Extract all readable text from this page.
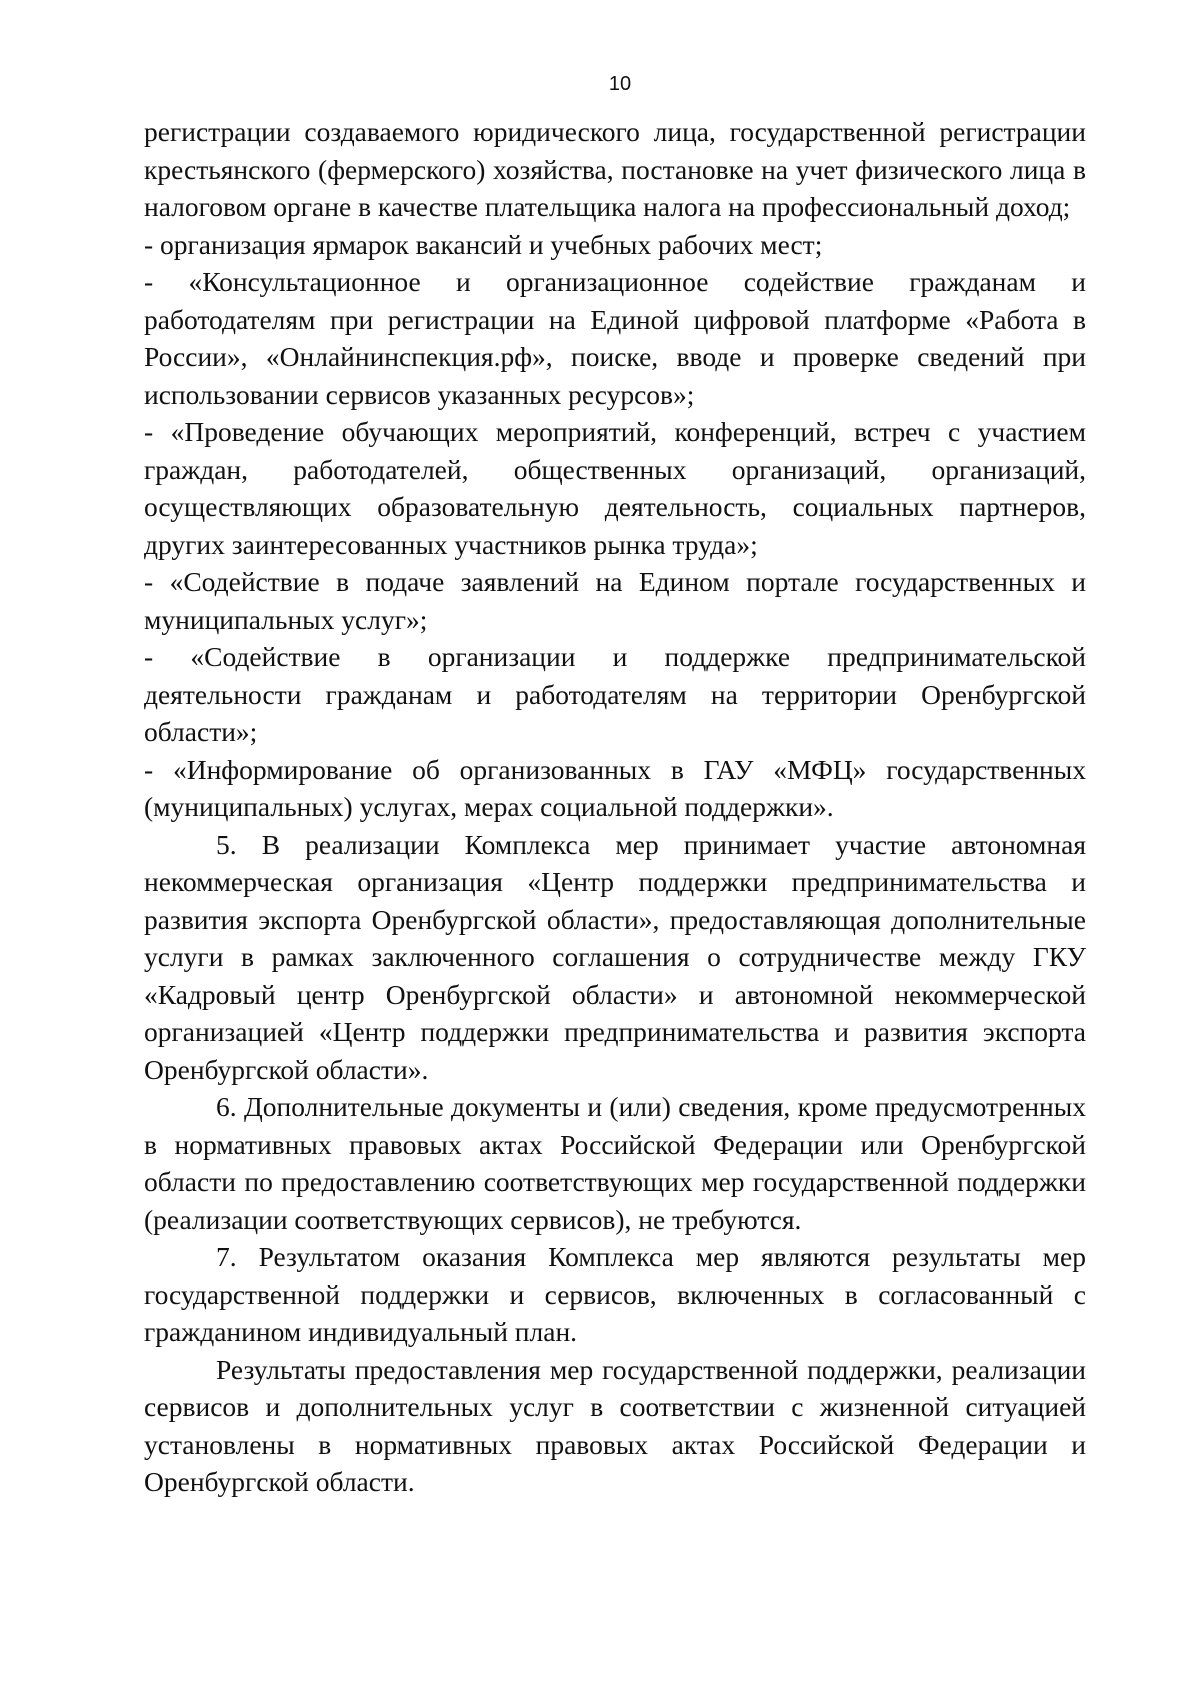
10

регистрации создаваемого юридического лица, государственной регистрации крестьянского (фермерского) хозяйства, постановке на учет физического лица в налоговом органе в качестве плательщика налога на профессиональный доход;

- организация ярмарок вакансий и учебных рабочих мест;

- «Консультационное и организационное содействие гражданам и работодателям при регистрации на Единой цифровой платформе «Работа в России», «Онлайнинспекция.рф», поиске, вводе и проверке сведений при использовании сервисов указанных ресурсов»;

- «Проведение обучающих мероприятий, конференций, встреч с участием граждан, работодателей, общественных организаций, организаций, осуществляющих образовательную деятельность, социальных партнеров, других заинтересованных участников рынка труда»;

- «Содействие в подаче заявлений на Едином портале государственных и муниципальных услуг»;

- «Содействие в организации и поддержке предпринимательской деятельности гражданам и работодателям на территории Оренбургской области»;

- «Информирование об организованных в ГАУ «МФЦ» государственных (муниципальных) услугах, мерах социальной поддержки».

5. В реализации Комплекса мер принимает участие автономная некоммерческая организация «Центр поддержки предпринимательства и развития экспорта Оренбургской области», предоставляющая дополнительные услуги в рамках заключенного соглашения о сотрудничестве между ГКУ «Кадровый центр Оренбургской области» и автономной некоммерческой организацией «Центр поддержки предпринимательства и развития экспорта Оренбургской области».

6. Дополнительные документы и (или) сведения, кроме предусмотренных в нормативных правовых актах Российской Федерации или Оренбургской области по предоставлению соответствующих мер государственной поддержки (реализации соответствующих сервисов), не требуются.

7. Результатом оказания Комплекса мер являются результаты мер государственной поддержки и сервисов, включенных в согласованный с гражданином индивидуальный план.

Результаты предоставления мер государственной поддержки, реализации сервисов и дополнительных услуг в соответствии с жизненной ситуацией установлены в нормативных правовых актах Российской Федерации и Оренбургской области.
